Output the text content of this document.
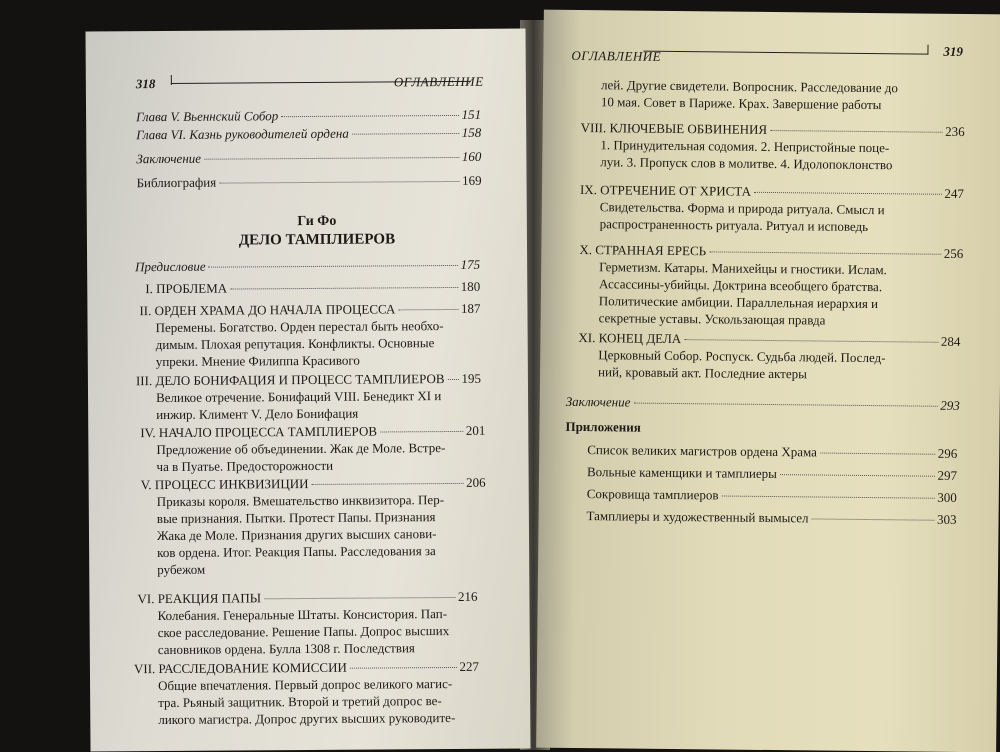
318	ОГЛАВЛЕНИЕ
Глава V. Вьеннский Собор	151
Глава VI. Казнь руководителей ордена	158
Заключение	160
Библиография	169
Ги Фо
ДЕЛО ТАМПЛИЕРОВ
Предисловие	175
I. ПРОБЛЕМА	180
II. ОРДЕН ХРАМА ДО НАЧАЛА ПРОЦЕССА	187
Перемены. Богатство. Орден перестал быть необхо-
димым. Плохая репутация. Конфликты. Основные
упреки. Мнение Филиппа Красивого
III. ДЕЛО БОНИФАЦИЯ И ПРОЦЕСС ТАМПЛИЕРОВ 195
Великое отречение. Бонифаций VIII. Бенедикт XI и
инжир. Климент V. Дело Бонифация
IV. НАЧАЛО ПРОЦЕССА ТАМПЛИЕРОВ	201
Предложение об объединении. Жак де Моле. Встре-
ча в Пуатье. Предосторожности
V. ПРОЦЕСС ИНКВИЗИЦИИ	206
Приказы короля. Вмешательство инквизитора. Пер-
вые признания. Пытки. Протест Папы. Признания
Жака де Моле. Признания других высших санови-
ков ордена. Итог. Реакция Папы. Расследования за
рубежом
VI. РЕАКЦИЯ ПАПЫ	216
Колебания. Генеральные Штаты. Консистория. Пап-
ское расследование. Решение Папы. Допрос высших
сановников ордена. Булла 1308 г. Последствия
VII. РАССЛЕДОВАНИЕ КОМИССИИ	227
Общие впечатления. Первый допрос великого магис-
тра. Рьяный защитник. Второй и третий допрос ве-
ликого магистра. Допрос других высших руководите-
ОГЛАВЛЕНИЕ	319
лей. Другие свидетели. Вопросник. Расследование до
10 мая. Совет в Париже. Крах. Завершение работы
VIII. КЛЮЧЕВЫЕ ОБВИНЕНИЯ	236
1. Принудительная содомия. 2. Непристойные поце-
луи. 3. Пропуск слов в молитве. 4. Идолопоклонство
IX. ОТРЕЧЕНИЕ ОТ ХРИСТА	247
Свидетельства. Форма и природа ритуала. Смысл и
распространенность ритуала. Ритуал и исповедь
X. СТРАННАЯ ЕРЕСЬ	256
Герметизм. Катары. Манихейцы и гностики. Ислам.
Ассассины-убийцы. Доктрина всеобщего братства.
Политические амбиции. Параллельная иерархия и
секретные уставы. Ускользающая правда
XI. КОНЕЦ ДЕЛА	284
Церковный Собор. Роспуск. Судьба людей. Послед-
ний, кровавый акт. Последние актеры
Заключение	293
Приложения
Список великих магистров ордена Храма	296
Вольные каменщики и тамплиеры	297
Сокровища тамплиеров	300
Тамплиеры и художественный вымысел	303
